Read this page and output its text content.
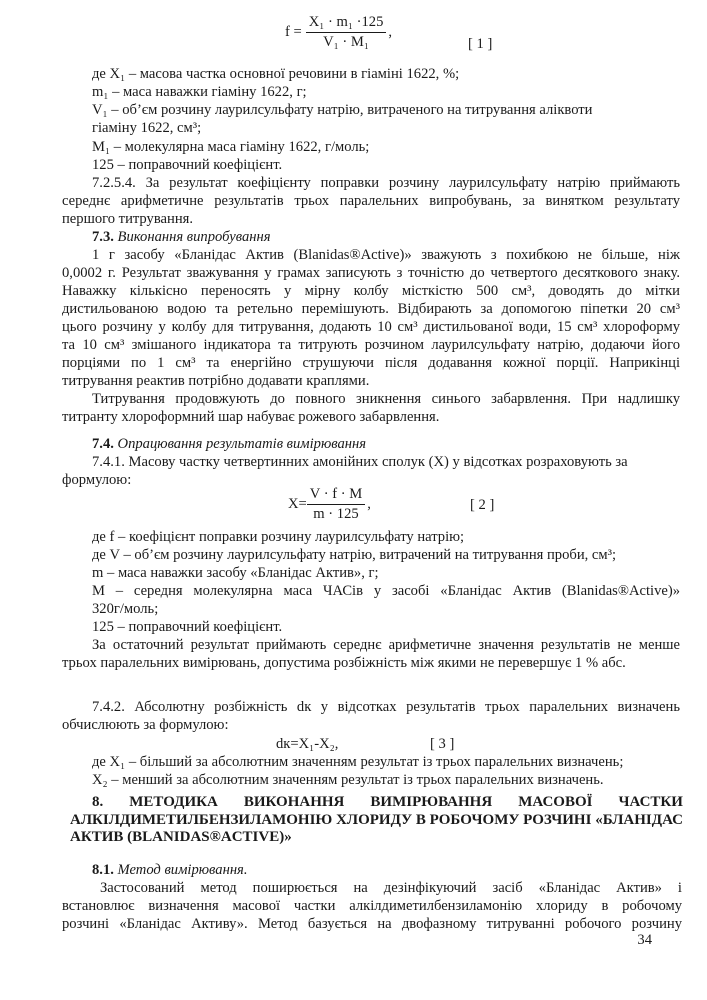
$f = \frac{\text{X₁ · m₁ ·125}}{\text{V₁ · M₁}}$ ,
[ 1 ]
де X₁ – масова частка основної речовини в гіаміні 1622, %;
m₁ – маса наважки гіаміну 1622, г;
V₁ – об’єм розчину лаурилсульфату натрію, витраченого на титрування аліквоти
гіаміну 1622, см³;
M₁ – молекулярна маса гіаміну 1622, г/моль;
125 – поправочний коефіцієнт.
7.2.5.4. За результат коефіцієнту поправки розчину лаурилсульфату натрію приймають
середнє арифметичне результатів трьох паралельних випробувань, за винятком результату
першого титрування.
7.3. Виконання випробування
1 г засобу «Бланідас Актив (Blanidas®Active)» зважують з похибкою не більше, ніж
0,0002 г. Результат зважування у грамах записують з точністю до четвертого десяткового знаку.
Наважку кількісно переносять у мірну колбу місткістю 500 см³, доводять до мітки
дистильованою водою та ретельно перемішують. Відбирають за допомогою піпетки 20 см³
цього розчину у колбу для титрування, додають 10 см³ дистильованої води, 15 см³ хлороформу
та 10 см³ змішаного індикатора та титрують розчином лаурилсульфату натрію, додаючи його
порціями по 1 см³ та енергійно струшуючи після додавання кожної порції. Наприкінці
титрування реактив потрібно додавати краплями.
Титрування продовжують до повного зникнення синього забарвлення. При надлишку
титранту хлороформний шар набуває рожевого забарвлення.
7.4. Опрацювання результатів вимірювання
7.4.1. Масову частку четвертинних амонійних сполук (X) у відсотках розраховують за
формулою:
$X= \frac{V \cdot f \cdot M}{m \cdot 125}$ ,	[ 2 ]
де f – коефіцієнт поправки розчину лаурилсульфату натрію;
де V – об’єм розчину лаурилсульфату натрію, витрачений на титрування проби, см³;
m – маса наважки засобу «Бланідас Актив», г;
M – середня молекулярна маса ЧАСів у засобі «Бланідас Актив (Blanidas®Active)»
320г/моль;
125 – поправочний коефіцієнт.
За остаточний результат приймають середнє арифметичне значення результатів не менше
трьох паралельних вимірювань, допустима розбіжність між якими не перевершує 1 % абс.
7.4.2. Абсолютну розбіжність dк у відсотках результатів трьох паралельних визначень
обчислюють за формулою:
dк=X₁-X₂,	[ 3 ]
де X₁ – більший за абсолютним значенням результат із трьох паралельних визначень;
X₂ – менший за абсолютним значенням результат із трьох паралельних визначень.
8. МЕТОДИКА ВИКОНАННЯ ВИМІРЮВАННЯ МАСОВОЇ ЧАСТКИ
АЛКІЛДИМЕТИЛБЕНЗИЛАМОНІЮ ХЛОРИДУ В РОБОЧОМУ РОЗЧИНІ «БЛАНІДАС
АКТИВ (BLANIDAS®ACTIVE)»
8.1. Метод вимірювання.
Застосований метод поширюється на дезінфікуючий засіб «Бланідас Актив» і
встановлює визначення масової частки алкілдиметилбензиламонію хлориду в робочому
розчині «Бланідас Активу». Метод базується на двофазному титруванні робочого розчину
34
